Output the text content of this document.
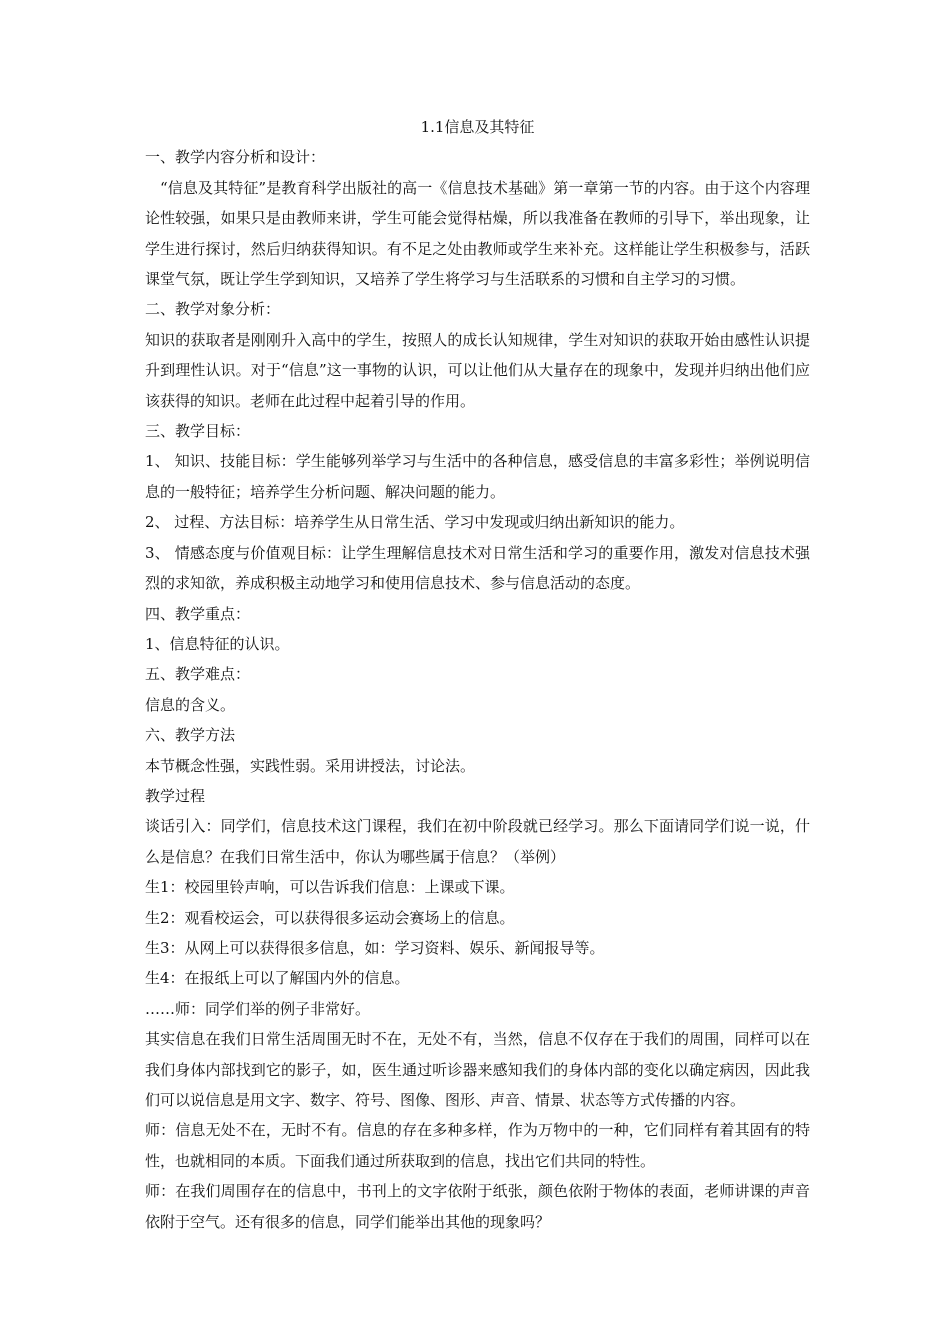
1.1信息及其特征

一、教学内容分析和设计：

“信息及其特征”是教育科学出版社的高一《信息技术基础》第一章第一节的内容。由于这个内容理论性较强，如果只是由教师来讲，学生可能会觉得枯燥，所以我准备在教师的引导下，举出现象，让学生进行探讨，然后归纳获得知识。有不足之处由教师或学生来补充。这样能让学生积极参与，活跃课堂气氛，既让学生学到知识，又培养了学生将学习与生活联系的习惯和自主学习的习惯。

二、教学对象分析：

知识的获取者是刚刚升入高中的学生，按照人的成长认知规律，学生对知识的获取开始由感性认识提升到理性认识。对于“信息”这一事物的认识，可以让他们从大量存在的现象中，发现并归纳出他们应该获得的知识。老师在此过程中起着引导的作用。

三、教学目标：

1、 知识、技能目标：学生能够列举学习与生活中的各种信息，感受信息的丰富多彩性；举例说明信息的一般特征；培养学生分析问题、解决问题的能力。

2、 过程、方法目标：培养学生从日常生活、学习中发现或归纳出新知识的能力。

3、 情感态度与价值观目标：让学生理解信息技术对日常生活和学习的重要作用，激发对信息技术强烈的求知欲，养成积极主动地学习和使用信息技术、参与信息活动的态度。

四、教学重点：

1、信息特征的认识。

五、教学难点：

信息的含义。

六、教学方法

本节概念性强，实践性弱。采用讲授法，讨论法。

教学过程

谈话引入：同学们，信息技术这门课程，我们在初中阶段就已经学习。那么下面请同学们说一说，什么是信息？在我们日常生活中，你认为哪些属于信息？（举例）

生1：校园里铃声响，可以告诉我们信息：上课或下课。

生2：观看校运会，可以获得很多运动会赛场上的信息。

生3：从网上可以获得很多信息，如：学习资料、娱乐、新闻报导等。

生4：在报纸上可以了解国内外的信息。

……师：同学们举的例子非常好。

其实信息在我们日常生活周围无时不在，无处不有，当然，信息不仅存在于我们的周围，同样可以在我们身体内部找到它的影子，如，医生通过听诊器来感知我们的身体内部的变化以确定病因，因此我们可以说信息是用文字、数字、符号、图像、图形、声音、情景、状态等方式传播的内容。

师：信息无处不在，无时不有。信息的存在多种多样，作为万物中的一种，它们同样有着其固有的特性，也就相同的本质。下面我们通过所获取到的信息，找出它们共同的特性。

师：在我们周围存在的信息中，书刊上的文字依附于纸张，颜色依附于物体的表面，老师讲课的声音依附于空气。还有很多的信息，同学们能举出其他的现象吗？
